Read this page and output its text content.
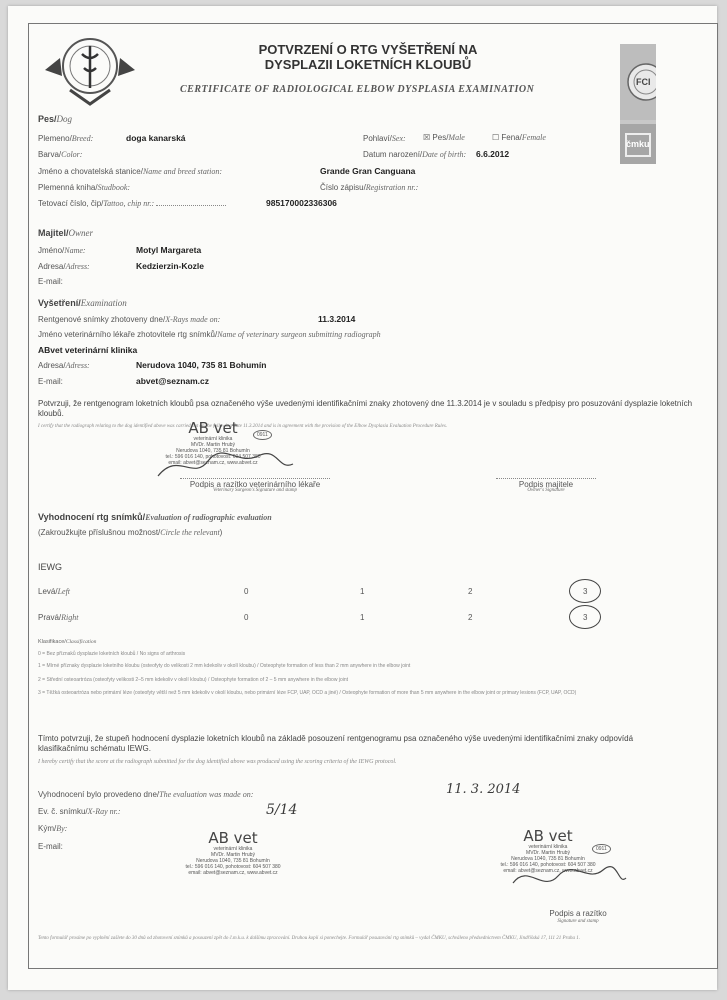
POTVRZENÍ O RTG VYŠETŘENÍ NA
DYSPLAZII LOKETNÍCH KLOUBŮ
CERTIFICATE OF RADIOLOGICAL ELBOW DYSPLASIA EXAMINATION
FCI
čmku
Pes/Dog
Plemeno/Breed:	doga kanarská	Pohlaví/Sex: ☒ Pes/Male	☐ Fena/Female
Barva/Color:	Datum narození/Date of birth: 6.6.2012
Jméno a chovatelská stanice/Name and breed station:	Grande Gran Canguana
Plemenná kniha/Studbook:	Číslo zápisu/Registration nr.:
Tetovací číslo, čip/Tattoo, chip nr.:	985170002336306
Majitel/Owner
Jméno/Name:	Motyl Margareta
Adresa/Adress:	Kedzierzin-Kozle
E-mail:
Vyšetření/Examination
Rentgenové snímky zhotoveny dne/X-Rays made on:	11.3.2014
Jméno veterinárního lékaře zhotovitele rtg snímků/Name of veterinary surgeon submitting radiograph
ABvet veterinární klinika
Adresa/Adress:	Nerudova 1040, 735 81 Bohumín
E-mail:	abvet@seznam.cz
Potvrzuji, že rentgenogram loketních kloubů psa označeného výše uvedenými identifikačními znaky zhotovený dne 11.3.2014 je v souladu s předpisy pro posuzování dysplazie loketních kloubů.
I certify that the radiograph relating to the dog identified above was carried out on the following date 11.3.2014 and is in agreement with the provision of the Elbow Dysplasia Evaluation Procedure Rules.
AB vet
veterinární klinika
MVDr. Martin Hrubý
Nerudova 1040, 735 81 Bohumín
tel.: 596 016 140, pohotovost: 604 507 380
email: abvet@seznam.cz, www.abvet.cz
0911
Podpis a razítko veterinárního lékaře
Veterinary Surgeon's Signature and stamp
Podpis majitele
Owner's Signature
Vyhodnocení rtg snímků/Evaluation of radiographic evaluation
(Zakroužkujte příslušnou možnost/Circle the relevant)
IEWG
Levá/Left	0	1	2	3
Pravá/Right	0	1	2	3
Klasifikace/Classification
0 = Bez příznaků dysplazie loketních kloubů / No signs of arthrosis
1 = Mírné příznaky dysplazie loketního kloubu (osteofyty do velikosti 2 mm kdekoliv v okolí kloubu) / Osteophyte formation of less than 2 mm anywhere in the elbow joint
2 = Střední osteoartróza (osteofyty velikosti 2–5 mm kdekoliv v okolí kloubu) / Osteophyte formation of 2 – 5 mm anywhere in the elbow joint
3 = Těžká osteoartróza nebo primární léze (osteofyty větší než 5 mm kdekoliv v okolí kloubu, nebo primární léze FCP, UAP, OCD a jiné) / Osteophyte formation of more than 5 mm anywhere in the elbow joint or primary lesions (FCP, UAP, OCD)
Tímto potvrzuji, že stupeň hodnocení dysplazie loketních kloubů na základě posouzení rentgenogramu psa označeného výše uvedenými identifikačními znaky odpovídá klasifikačnímu schématu IEWG.
I hereby certify that the score at the radiograph submitted for the dog identified above was produced using the scoring criteria of the IEWG protocol.
Vyhodnocení bylo provedeno dne/The evaluation was made on:	11. 3. 2014
Ev. č. snímku/X-Ray nr.:	5/14
Kým/By:
E-mail:	AB vet
veterinární klinika
MVDr. Martin Hrubý
Nerudova 1040, 735 81 Bohumín
tel.: 596 016 140, pohotovost: 604 507 380
email: abvet@seznam.cz, www.abvet.cz
AB vet
veterinární klinika
MVDr. Martin Hrubý
Nerudova 1040, 735 81 Bohumín
tel.: 596 016 140, pohotovost: 604 507 380
email: abvet@seznam.cz, www.abvet.cz
0911
Podpis a razítko
Signature and stamp
Tento formulář prosíme po vyplnění zašlete do 30 dnů od zhotovení snímků a posouzení zpět do č.m.k.u. k dalšímu zpracování. Druhou kopii si ponechejte. Formulář posuzování rtg snímků – vydal ČMKU, schváleno předsednictvem ČMKU, Jindřišská 17, 111 21 Praha 1.
